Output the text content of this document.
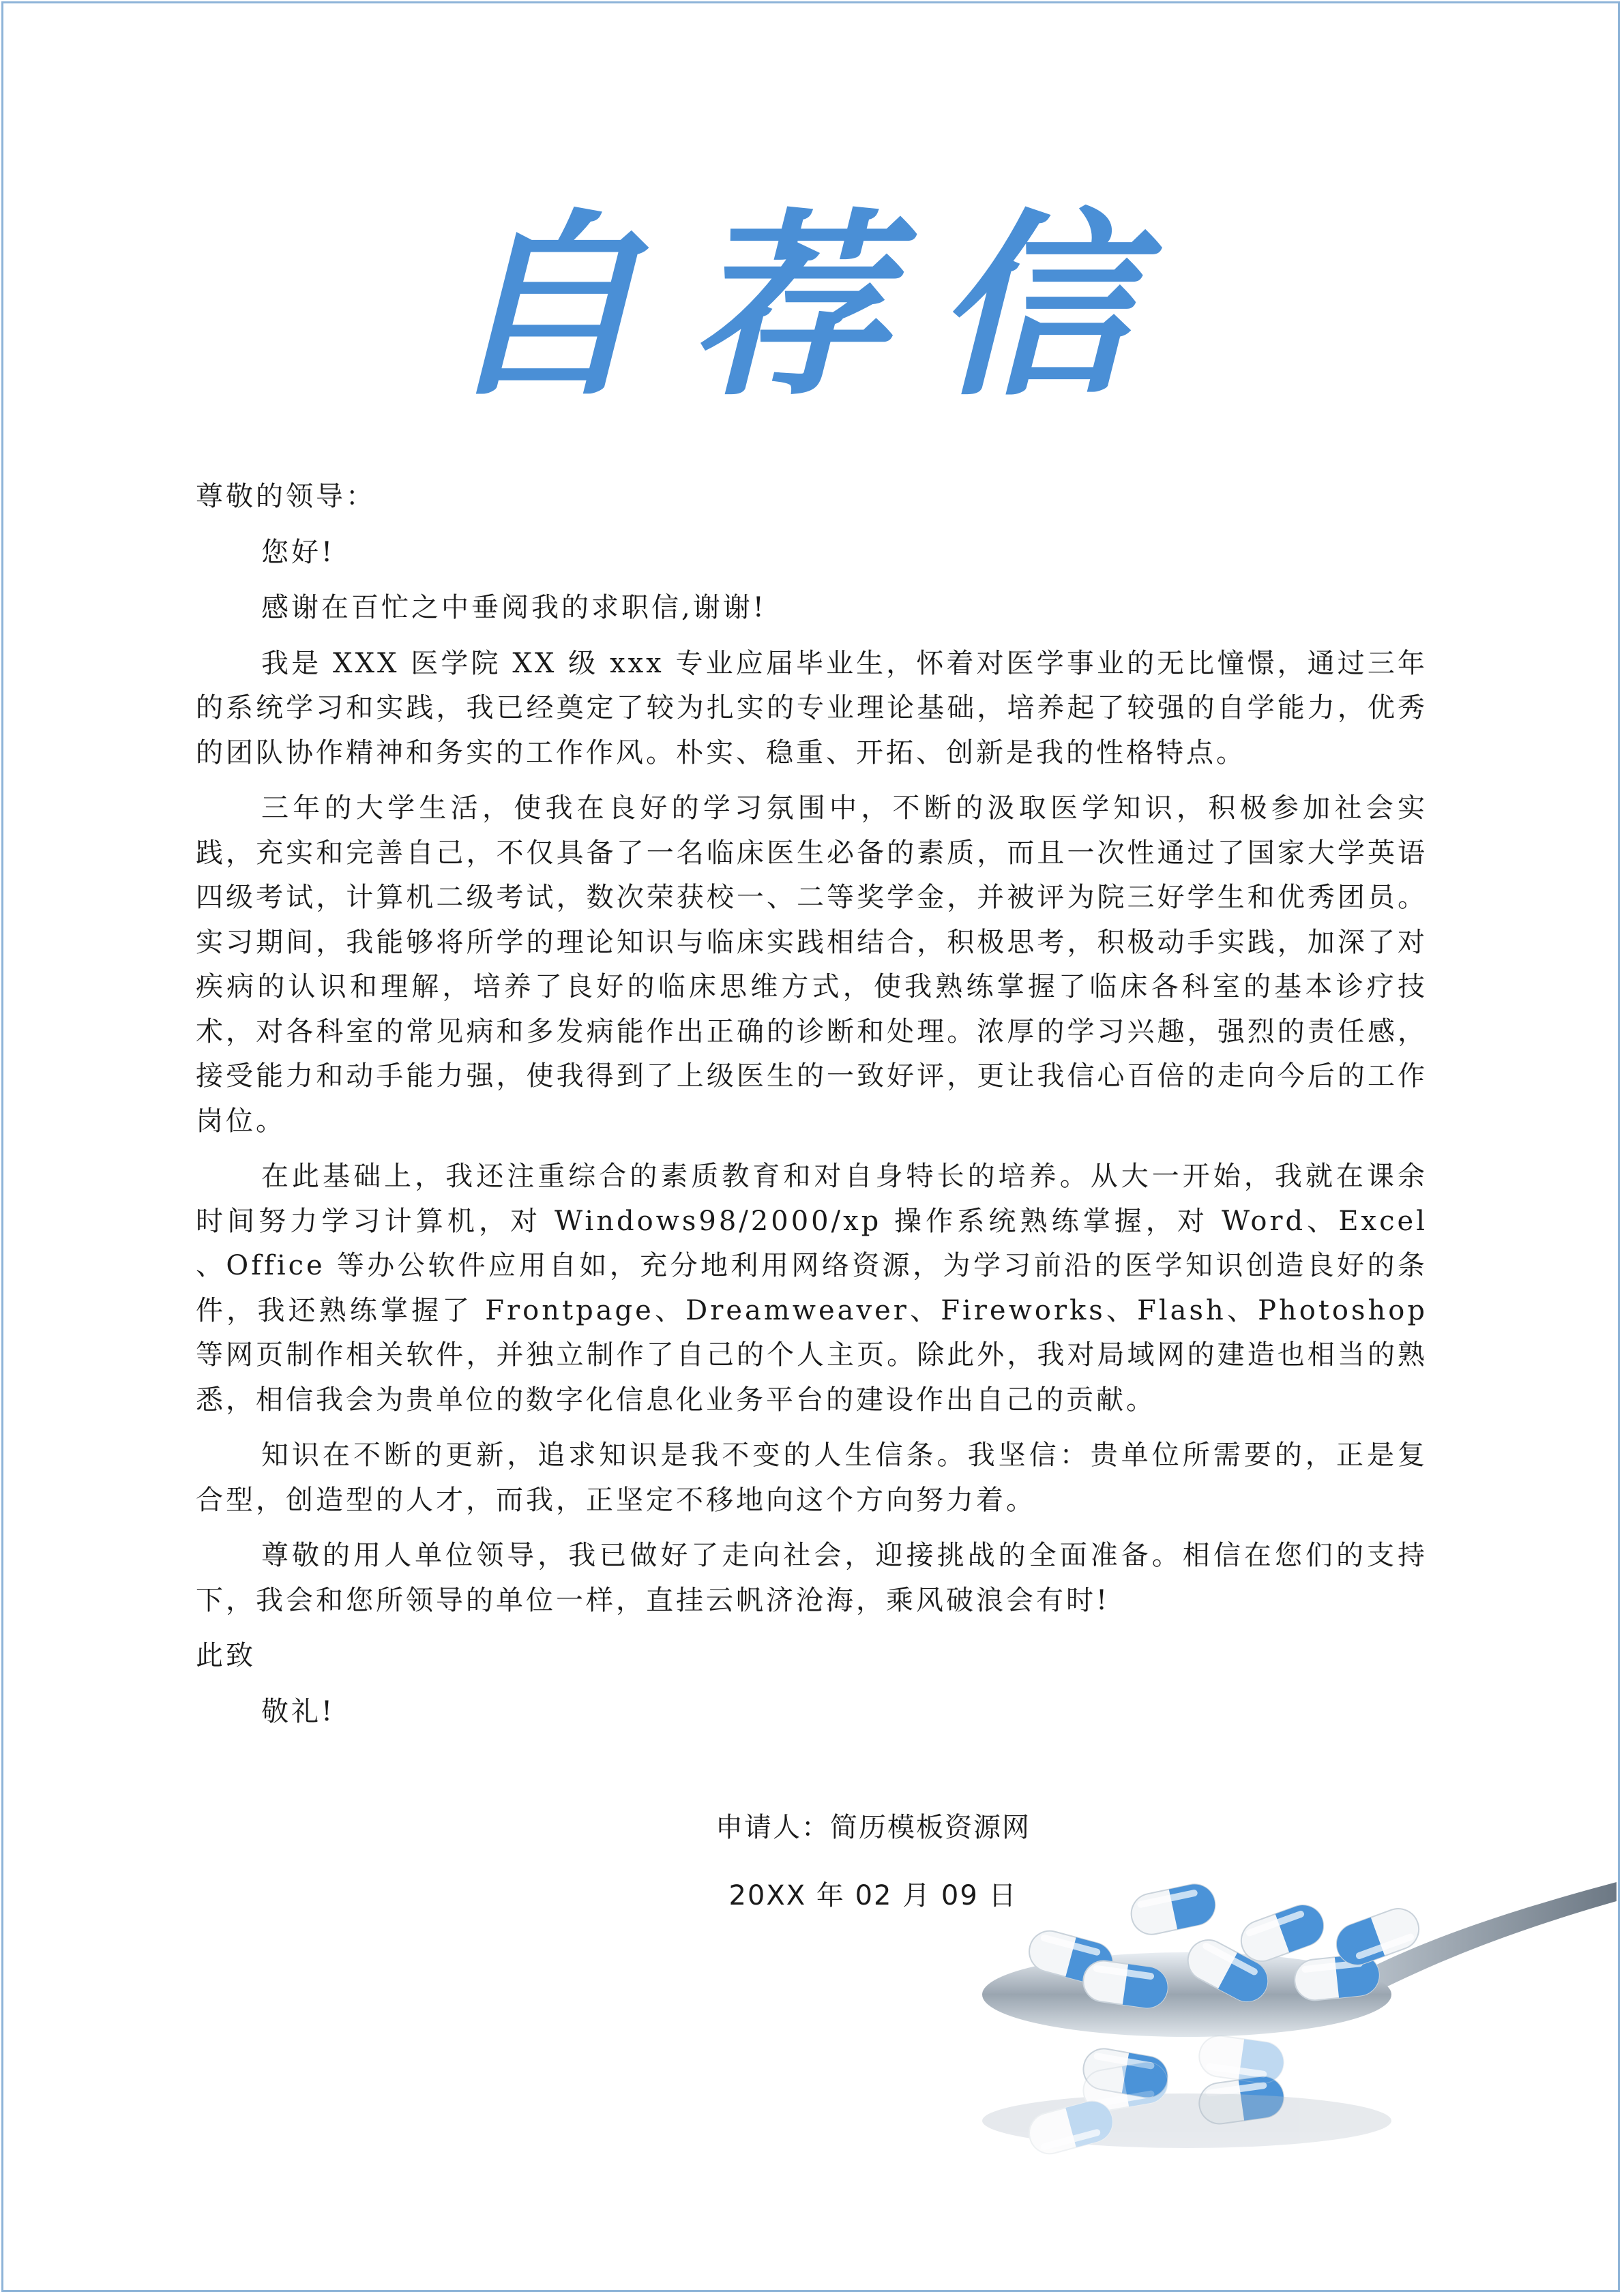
自荐信

尊敬的领导：

您好!

感谢在百忙之中垂阅我的求职信,谢谢!

我是 XXX 医学院 XX 级 xxx 专业应届毕业生，怀着对医学事业的无比憧憬，通过三年的系统学习和实践，我已经奠定了较为扎实的专业理论基础，培养起了较强的自学能力，优秀的团队协作精神和务实的工作作风。朴实、稳重、开拓、创新是我的性格特点。

三年的大学生活，使我在良好的学习氛围中，不断的汲取医学知识，积极参加社会实践，充实和完善自己，不仅具备了一名临床医生必备的素质，而且一次性通过了国家大学英语四级考试，计算机二级考试，数次荣获校一、二等奖学金，并被评为院三好学生和优秀团员。实习期间，我能够将所学的理论知识与临床实践相结合，积极思考，积极动手实践，加深了对疾病的认识和理解，培养了良好的临床思维方式，使我熟练掌握了临床各科室的基本诊疗技术，对各科室的常见病和多发病能作出正确的诊断和处理。浓厚的学习兴趣，强烈的责任感，接受能力和动手能力强，使我得到了上级医生的一致好评，更让我信心百倍的走向今后的工作岗位。

在此基础上，我还注重综合的素质教育和对自身特长的培养。从大一开始，我就在课余时间努力学习计算机，对 Windows98/2000/xp 操作系统熟练掌握，对 Word、Excel 、Office 等办公软件应用自如，充分地利用网络资源，为学习前沿的医学知识创造良好的条件，我还熟练掌握了 Frontpage、Dreamweaver、Fireworks、Flash、Photoshop 等网页制作相关软件，并独立制作了自己的个人主页。除此外，我对局域网的建造也相当的熟悉，相信我会为贵单位的数字化信息化业务平台的建设作出自己的贡献。

知识在不断的更新，追求知识是我不变的人生信条。我坚信：贵单位所需要的，正是复合型，创造型的人才，而我，正坚定不移地向这个方向努力着。

尊敬的用人单位领导，我已做好了走向社会，迎接挑战的全面准备。相信在您们的支持下，我会和您所领导的单位一样，直挂云帆济沧海，乘风破浪会有时!

此致

敬礼!

申请人：简历模板资源网
20XX 年 02 月 09 日
